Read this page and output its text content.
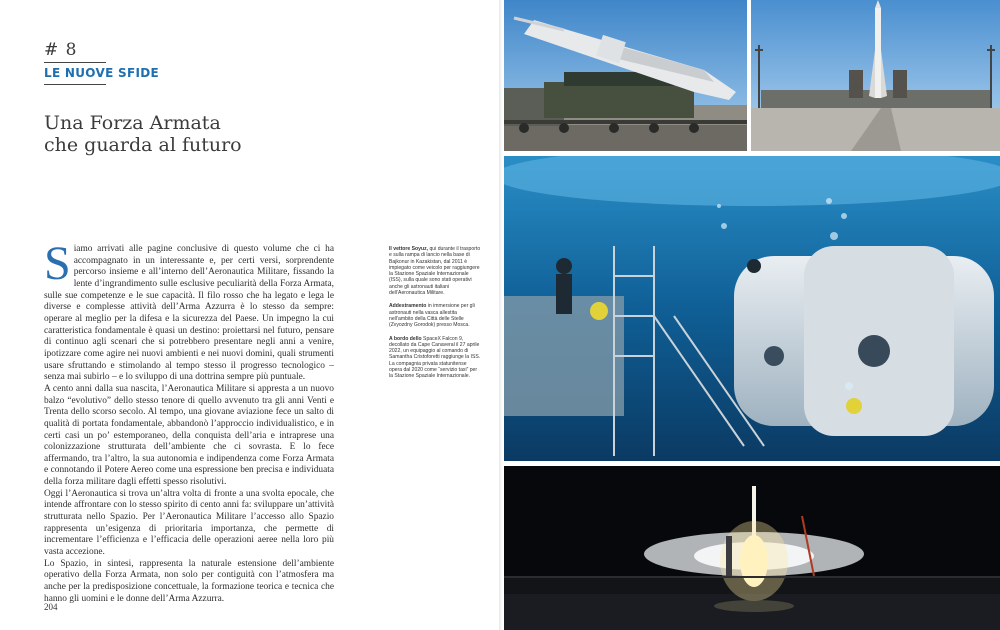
# 8
LE NUOVE SFIDE
Una Forza Armata
che guarda al futuro

Siamo arrivati alle pagine conclusive di questo volume che ci ha accompagnato in un interessante e, per certi versi, sorprendente percorso insieme e all’interno dell’Aeronautica Militare, fissando la lente d’ingrandimento sulle esclusive peculiarità della Forza Armata, sulle sue competenze e le sue capacità. Il filo rosso che ha legato e lega le diverse e complesse attività dell’Arma Azzurra è lo stesso da sempre: operare al meglio per la difesa e la sicurezza del Paese. Un impegno la cui caratteristica fondamentale è quasi un destino: proiettarsi nel futuro, pensare di continuo agli scenari che si potrebbero presentare negli anni a venire, ipotizzare come agire nei nuovi ambienti e nei nuovi domini, quali strumenti usare sfruttando e stimolando al tempo stesso il progresso tecnologico – senza mai subirlo – e lo sviluppo di una dottrina sempre più puntuale.

A cento anni dalla sua nascita, l’Aeronautica Militare si appresta a un nuovo balzo “evolutivo” dello stesso tenore di quello avvenuto tra gli anni Venti e Trenta dello scorso secolo. Al tempo, una giovane aviazione fece un salto di qualità di portata fondamentale, abbandonò l’approccio individualistico, e in certi casi un po’ estemporaneo, della conquista dell’aria e intraprese una colonizzazione strutturata dell’ambiente che ci sovrasta. E lo fece affermando, tra l’altro, la sua autonomia e indipendenza come Forza Armata e connotando il Potere Aereo come una espressione ben precisa e individuata della forza militare dagli effetti spesso risolutivi.

Oggi l’Aeronautica si trova un’altra volta di fronte a una svolta epocale, che intende affrontare con lo stesso spirito di cento anni fa: sviluppare un’attività strutturata nello Spazio. Per l’Aeronautica Militare l’accesso allo Spazio rappresenta un’esigenza di prioritaria importanza, che permette di incrementare l’efficienza e l’efficacia delle operazioni aeree nella loro più vasta accezione.

Lo Spazio, in sintesi, rappresenta la naturale estensione dell’ambiente operativo della Forza Armata, non solo per contiguità con l’atmosfera ma anche per la predisposizione concettuale, la formazione teorica e tecnica che hanno gli uomini e le donne dell’Arma Azzurra.

204

Il vettore Soyuz, qui durante il trasporto e sulla rampa di lancio nella base di Bajkonur in Kazakistan, dal 2011 è impiegato come veicolo per raggiungere la Stazione Spaziale Internazionale (ISS), sulla quale sono stati operativi anche gli astronauti italiani dell’Aeronautica Militare.

Addestramento in immersione per gli astronauti nella vasca allestita nell’ambito della Città delle Stelle (Zvyozdny Gorodok) presso Mosca.

A bordo dello SpaceX Falcon 9, decollato da Cape Canaveral il 27 aprile 2022, un equipaggio al comando di Samantha Cristoforetti raggiunge la ISS. La compagnia privata statunitense opera dal 2020 come “servizio taxi” per la Stazione Spaziale Internazionale.
